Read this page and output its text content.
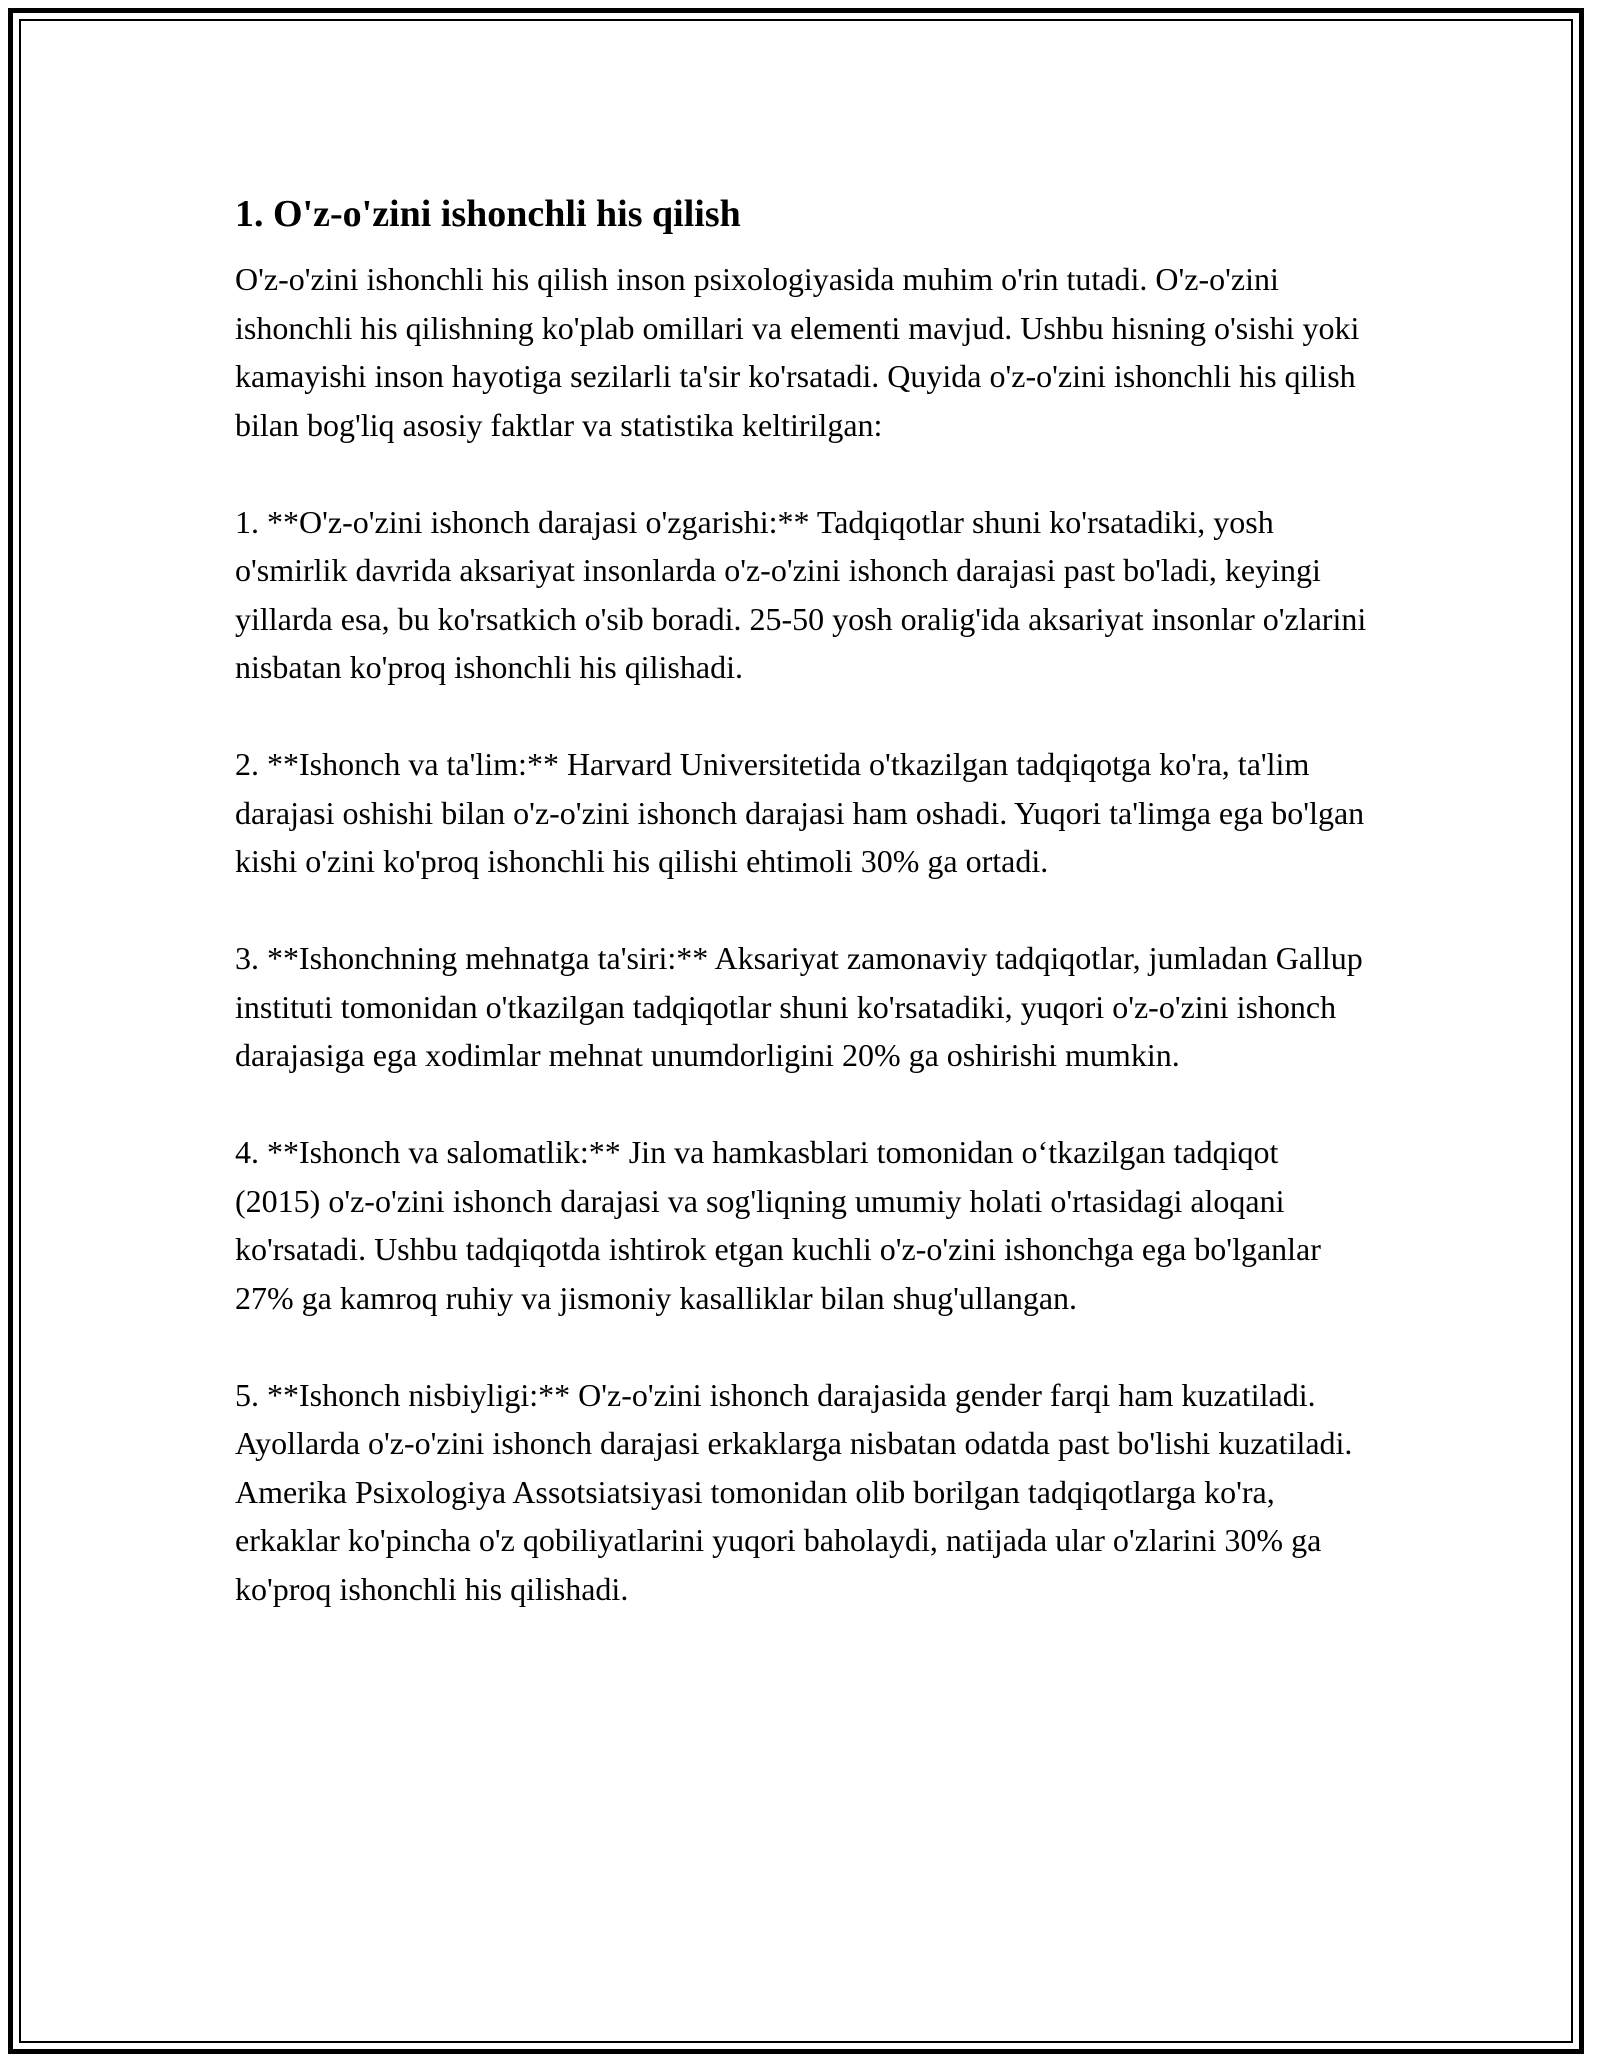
1. O'z-o'zini ishonchli his qilish

O'z-o'zini ishonchli his qilish inson psixologiyasida muhim o'rin tutadi. O'z-o'zini ishonchli his qilishning ko'plab omillari va elementi mavjud. Ushbu hisning o'sishi yoki kamayishi inson hayotiga sezilarli ta'sir ko'rsatadi. Quyida o'z-o'zini ishonchli his qilish bilan bog'liq asosiy faktlar va statistika keltirilgan:

1. **O'z-o'zini ishonch darajasi o'zgarishi:** Tadqiqotlar shuni ko'rsatadiki, yosh o'smirlik davrida aksariyat insonlarda o'z-o'zini ishonch darajasi past bo'ladi, keyingi yillarda esa, bu ko'rsatkich o'sib boradi. 25-50 yosh oralig'ida aksariyat insonlar o'zlarini nisbatan ko'proq ishonchli his qilishadi.

2. **Ishonch va ta'lim:** Harvard Universitetida o'tkazilgan tadqiqotga ko'ra, ta'lim darajasi oshishi bilan o'z-o'zini ishonch darajasi ham oshadi. Yuqori ta'limga ega bo'lgan kishi o'zini ko'proq ishonchli his qilishi ehtimoli 30% ga ortadi.

3. **Ishonchning mehnatga ta'siri:** Aksariyat zamonaviy tadqiqotlar, jumladan Gallup instituti tomonidan o'tkazilgan tadqiqotlar shuni ko'rsatadiki, yuqori o'z-o'zini ishonch darajasiga ega xodimlar mehnat unumdorligini 20% ga oshirishi mumkin.

4. **Ishonch va salomatlik:** Jin va hamkasblari tomonidan o‘tkazilgan tadqiqot (2015) o'z-o'zini ishonch darajasi va sog'liqning umumiy holati o'rtasidagi aloqani ko'rsatadi. Ushbu tadqiqotda ishtirok etgan kuchli o'z-o'zini ishonchga ega bo'lganlar 27% ga kamroq ruhiy va jismoniy kasalliklar bilan shug'ullangan.

5. **Ishonch nisbiyligi:** O'z-o'zini ishonch darajasida gender farqi ham kuzatiladi. Ayollarda o'z-o'zini ishonch darajasi erkaklarga nisbatan odatda past bo'lishi kuzatiladi. Amerika Psixologiya Assotsiatsiyasi tomonidan olib borilgan tadqiqotlarga ko'ra, erkaklar ko'pincha o'z qobiliyatlarini yuqori baholaydi, natijada ular o'zlarini 30% ga ko'proq ishonchli his qilishadi.
